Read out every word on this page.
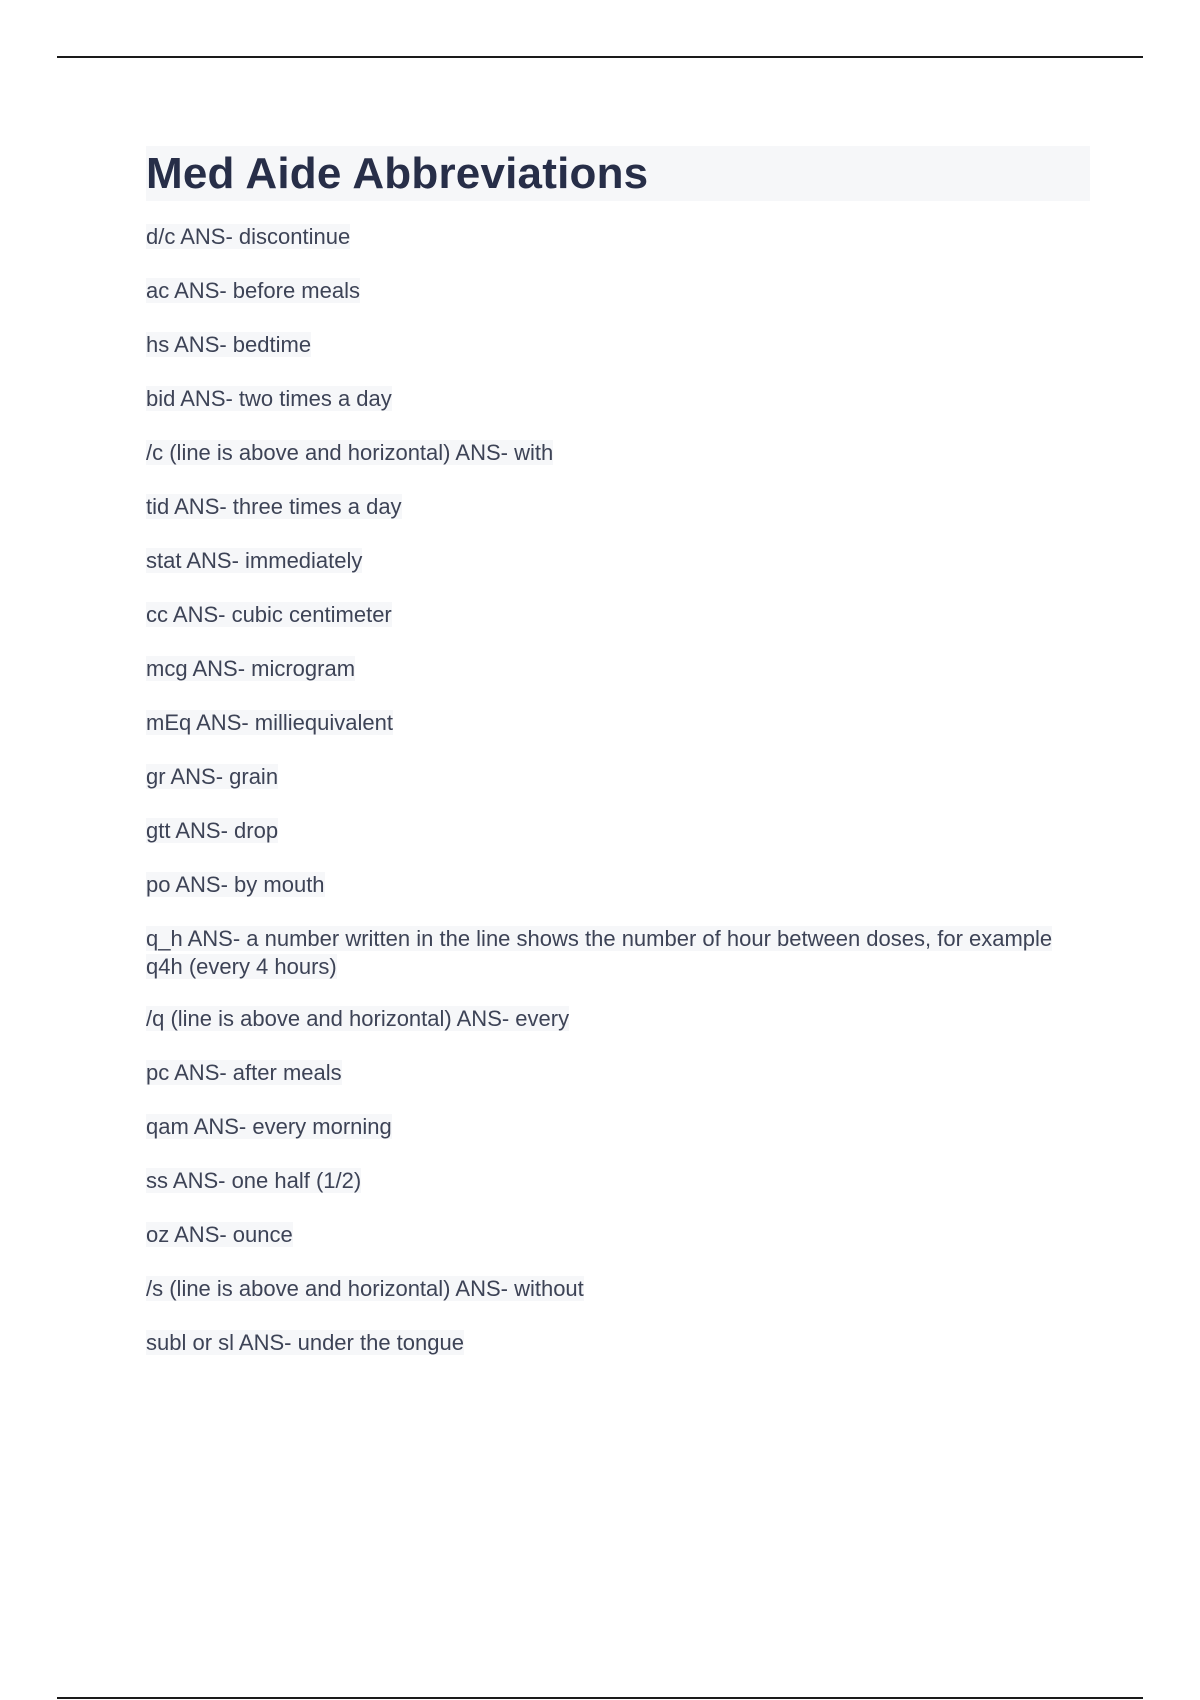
Med Aide Abbreviations
d/c ANS- discontinue
ac ANS- before meals
hs ANS- bedtime
bid ANS- two times a day
/c (line is above and horizontal) ANS- with
tid ANS- three times a day
stat ANS- immediately
cc ANS- cubic centimeter
mcg ANS- microgram
mEq ANS- milliequivalent
gr ANS- grain
gtt ANS- drop
po ANS- by mouth
q_h ANS- a number written in the line shows the number of hour between doses, for example q4h (every 4 hours)
/q (line is above and horizontal) ANS- every
pc ANS- after meals
qam ANS- every morning
ss ANS- one half (1/2)
oz ANS- ounce
/s (line is above and horizontal) ANS- without
subl or sl ANS- under the tongue
